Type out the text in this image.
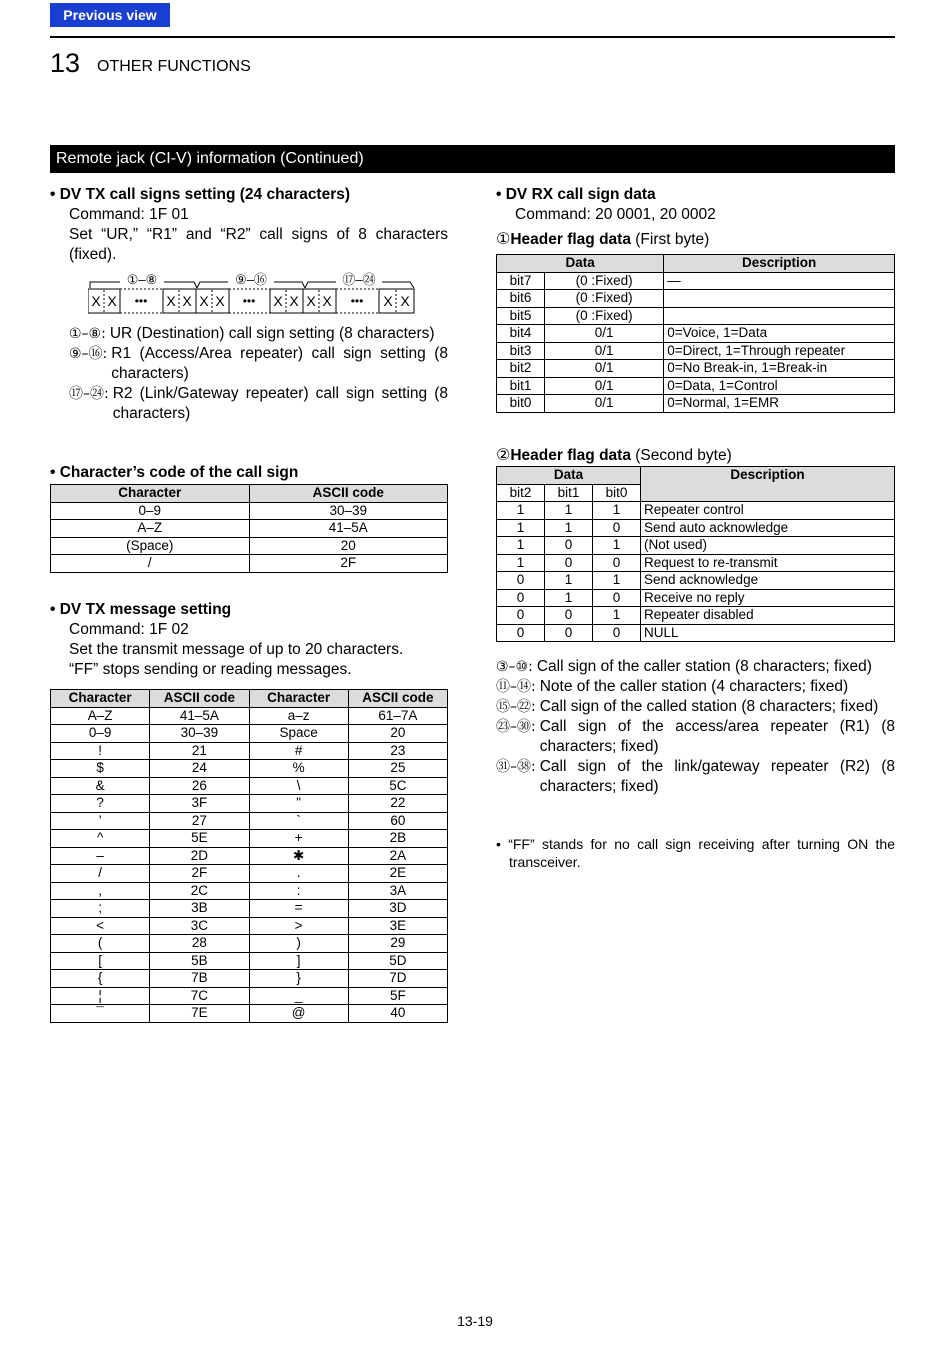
Previous view
13 OTHER FUNCTIONS
Remote jack (CI-V) information (Continued)
• DV TX call signs setting (24 characters)
Command: 1F 01
Set “UR,” “R1” and “R2” call signs of 8 characters (fixed).
①–⑧	⑨–⑯	⑰–㉔
X X	X X X X	X X X X	X X
•••	•••	•••
①–⑧: UR (Destination) call sign setting (8 characters)
⑨–⑯: R1 (Access/Area repeater) call sign setting (8 characters)
⑰–㉔: R2 (Link/Gateway repeater) call sign setting (8 characters)
• Character’s code of the call sign
Character	ASCII code
0–9	30–39
A–Z	41–5A
(Space)	20
/	2F
• DV TX message setting
Command: 1F 02
Set the transmit message of up to 20 characters.
“FF” stops sending or reading messages.
Character	ASCII code	Character	ASCII code
A–Z	41–5A	a–z	61–7A
0–9	30–39	Space	20
!	21	#	23
$	24	%	25
&	26	\	5C
?	3F	"	22
’	27	`	60
^	5E	+	2B
–	2D	✱	2A
/	2F	.	2E
,	2C	:	3A
;	3B	=	3D
<	3C	>	3E
(	28	)	29
[	5B	]	5D
{	7B	}	7D
¦	7C	_	5F
¯	7E	@	40
• DV RX call sign data
Command: 20 0001, 20 0002
①Header flag data (First byte)
Data		Description
bit7	(0 :Fixed)	—
bit6	(0 :Fixed)	
bit5	(0 :Fixed)	
bit4	0/1	0=Voice, 1=Data
bit3	0/1	0=Direct, 1=Through repeater
bit2	0/1	0=No Break-in, 1=Break-in
bit1	0/1	0=Data, 1=Control
bit0	0/1	0=Normal, 1=EMR
②Header flag data (Second byte)
Data			Description
bit2	bit1	bit0	
1	1	1	Repeater control
1	1	0	Send auto acknowledge
1	0	1	(Not used)
1	0	0	Request to re-transmit
0	1	1	Send acknowledge
0	1	0	Receive no reply
0	0	1	Repeater disabled
0	0	0	NULL
③–⑩: Call sign of the caller station (8 characters; fixed)
⑪–⑭: Note of the caller station (4 characters; fixed)
⑮–㉒: Call sign of the called station (8 characters; fixed)
㉓–㉚: Call sign of the access/area repeater (R1) (8 characters; fixed)
㉛–㊳: Call sign of the link/gateway repeater (R2) (8 characters; fixed)
• “FF” stands for no call sign receiving after turning ON the transceiver.
13-19
